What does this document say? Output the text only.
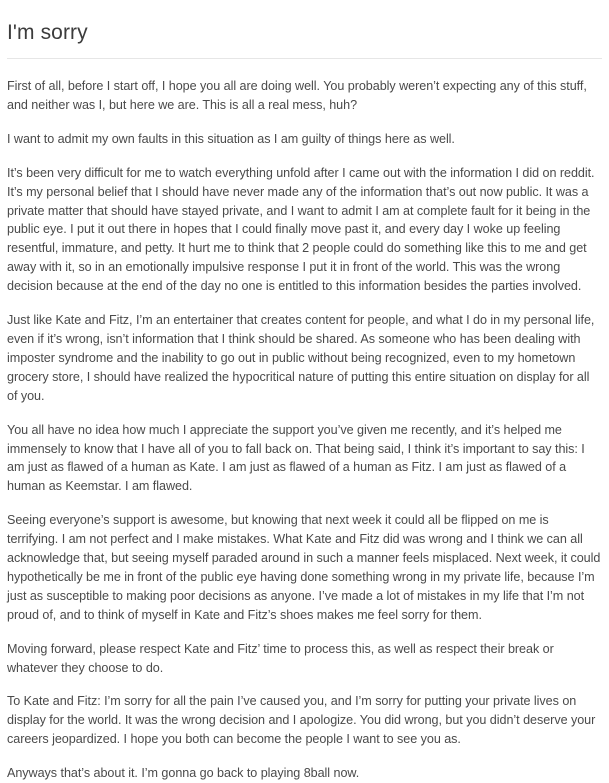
I'm sorry

First of all, before I start off, I hope you all are doing well. You probably weren’t expecting any of this stuff, and neither was I, but here we are. This is all a real mess, huh?

I want to admit my own faults in this situation as I am guilty of things here as well.

It’s been very difficult for me to watch everything unfold after I came out with the information I did on reddit. It’s my personal belief that I should have never made any of the information that’s out now public. It was a private matter that should have stayed private, and I want to admit I am at complete fault for it being in the public eye. I put it out there in hopes that I could finally move past it, and every day I woke up feeling resentful, immature, and petty. It hurt me to think that 2 people could do something like this to me and get away with it, so in an emotionally impulsive response I put it in front of the world. This was the wrong decision because at the end of the day no one is entitled to this information besides the parties involved.

Just like Kate and Fitz, I’m an entertainer that creates content for people, and what I do in my personal life, even if it’s wrong, isn’t information that I think should be shared. As someone who has been dealing with imposter syndrome and the inability to go out in public without being recognized, even to my hometown grocery store, I should have realized the hypocritical nature of putting this entire situation on display for all of you.

You all have no idea how much I appreciate the support you’ve given me recently, and it’s helped me immensely to know that I have all of you to fall back on. That being said, I think it’s important to say this: I am just as flawed of a human as Kate. I am just as flawed of a human as Fitz. I am just as flawed of a human as Keemstar. I am flawed.

Seeing everyone’s support is awesome, but knowing that next week it could all be flipped on me is terrifying. I am not perfect and I make mistakes. What Kate and Fitz did was wrong and I think we can all acknowledge that, but seeing myself paraded around in such a manner feels misplaced. Next week, it could hypothetically be me in front of the public eye having done something wrong in my private life, because I’m just as susceptible to making poor decisions as anyone. I’ve made a lot of mistakes in my life that I’m not proud of, and to think of myself in Kate and Fitz’s shoes makes me feel sorry for them.

Moving forward, please respect Kate and Fitz’ time to process this, as well as respect their break or whatever they choose to do.

To Kate and Fitz: I’m sorry for all the pain I’ve caused you, and I’m sorry for putting your private lives on display for the world. It was the wrong decision and I apologize. You did wrong, but you didn’t deserve your careers jeopardized. I hope you both can become the people I want to see you as.

Anyways that’s about it. I’m gonna go back to playing 8ball now.
